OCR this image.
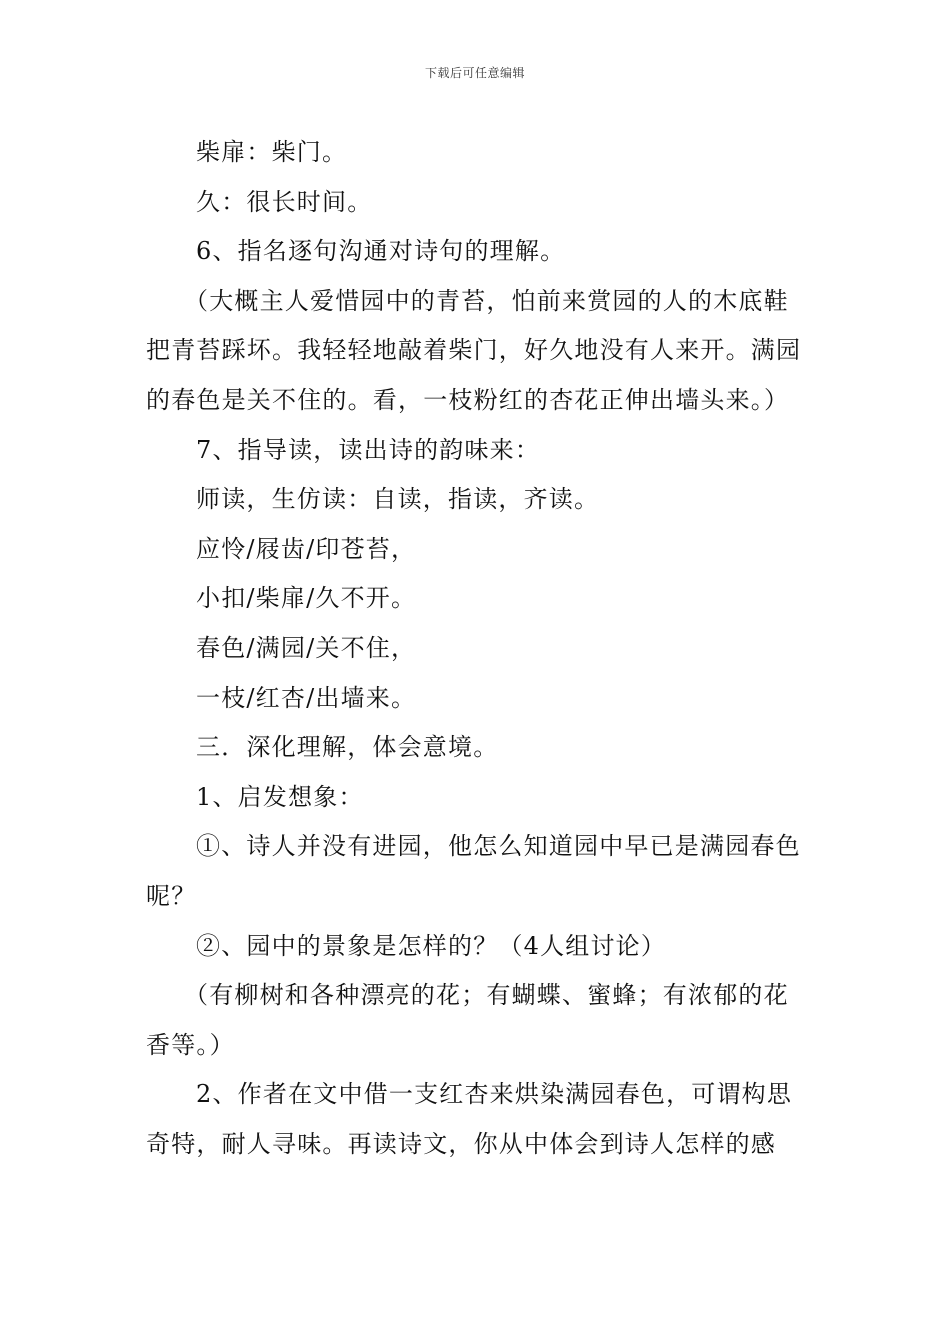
下载后可任意编辑

柴扉：柴门。

久：很长时间。

6、指名逐句沟通对诗句的理解。

（大概主人爱惜园中的青苔，怕前来赏园的人的木底鞋把青苔踩坏。我轻轻地敲着柴门，好久地没有人来开。满园的春色是关不住的。看，一枝粉红的杏花正伸出墙头来。）

7、指导读，读出诗的韵味来：

师读，生仿读：自读，指读，齐读。

应怜/屐齿/印苍苔，

小扣/柴扉/久不开。

春色/满园/关不住，

一枝/红杏/出墙来。

三．深化理解，体会意境。

1、启发想象：

①、诗人并没有进园，他怎么知道园中早已是满园春色呢？

②、园中的景象是怎样的？（4人组讨论）

（有柳树和各种漂亮的花；有蝴蝶、蜜蜂；有浓郁的花香等。）

2、作者在文中借一支红杏来烘染满园春色，可谓构思奇特，耐人寻味。再读诗文，你从中体会到诗人怎样的感
